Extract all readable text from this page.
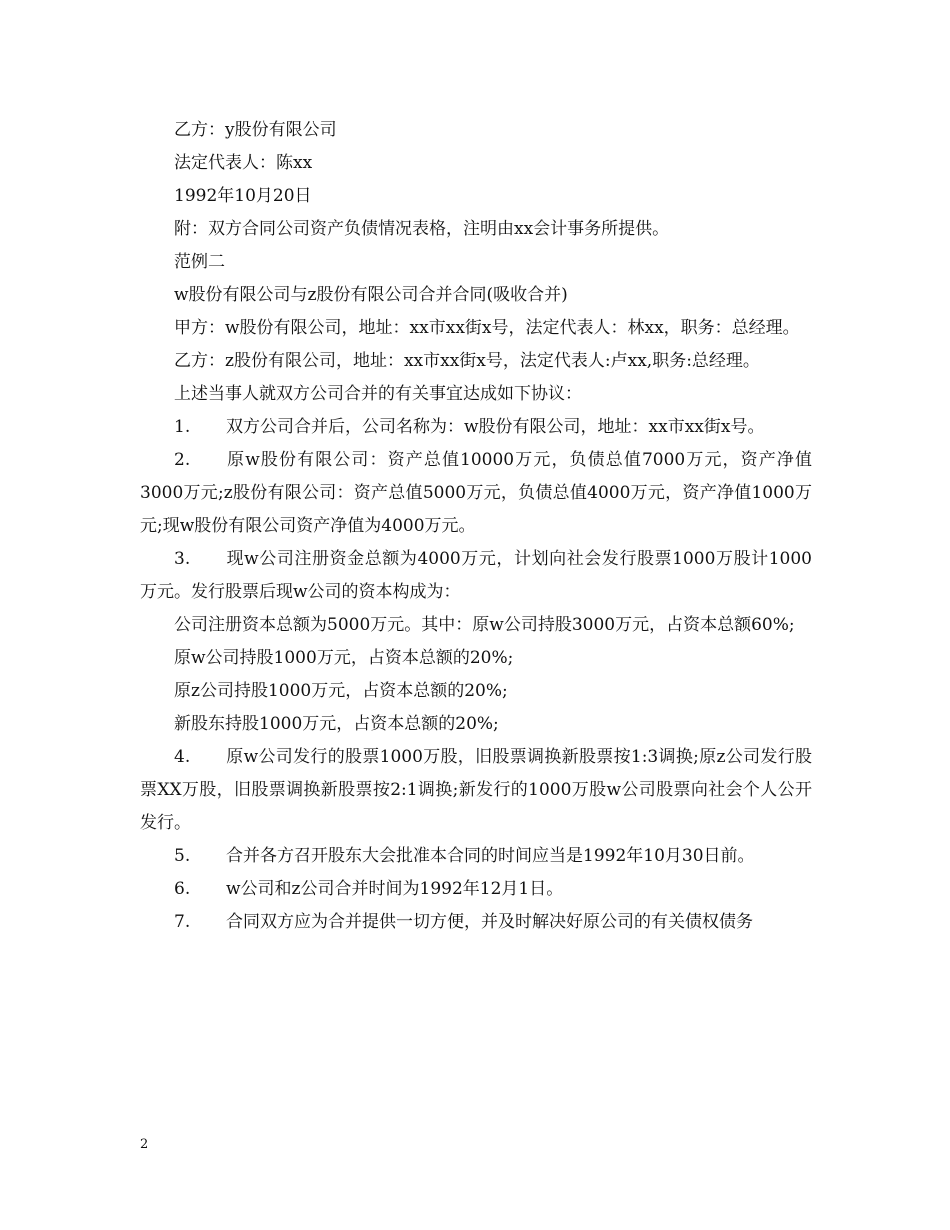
乙方：y股份有限公司

法定代表人：陈xx

1992年10月20日

附：双方合同公司资产负债情况表格，注明由xx会计事务所提供。

范例二

w股份有限公司与z股份有限公司合并合同(吸收合并)

甲方：w股份有限公司，地址：xx市xx街x号，法定代表人：林xx，职务：总经理。

乙方：z股份有限公司，地址：xx市xx街x号，法定代表人:卢xx,职务:总经理。

上述当事人就双方公司合并的有关事宜达成如下协议：

1. 双方公司合并后，公司名称为：w股份有限公司，地址：xx市xx街x号。

2. 原w股份有限公司：资产总值10000万元，负债总值7000万元，资产净值3000万元;z股份有限公司：资产总值5000万元，负债总值4000万元，资产净值1000万元;现w股份有限公司资产净值为4000万元。

3. 现w公司注册资金总额为4000万元，计划向社会发行股票1000万股计1000万元。发行股票后现w公司的资本构成为：

公司注册资本总额为5000万元。其中：原w公司持股3000万元，占资本总额60%;

原w公司持股1000万元，占资本总额的20%;

原z公司持股1000万元，占资本总额的20%;

新股东持股1000万元，占资本总额的20%;

4. 原w公司发行的股票1000万股，旧股票调换新股票按1:3调换;原z公司发行股票XX万股，旧股票调换新股票按2:1调换;新发行的1000万股w公司股票向社会个人公开发行。

5. 合并各方召开股东大会批准本合同的时间应当是1992年10月30日前。

6. w公司和z公司合并时间为1992年12月1日。

7. 合同双方应为合并提供一切方便，并及时解决好原公司的有关债权债务

2
